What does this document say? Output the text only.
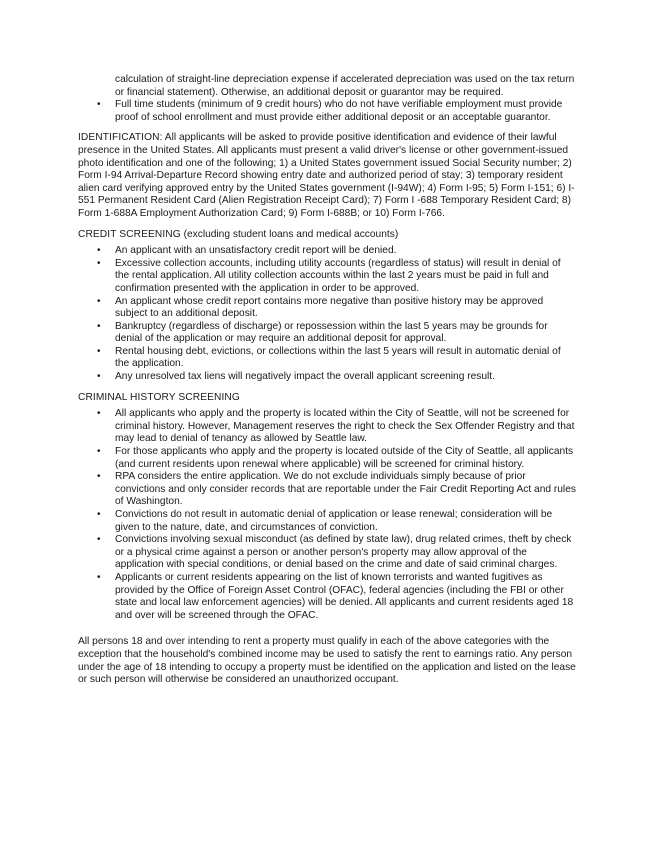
calculation of straight-line depreciation expense if accelerated depreciation was used on the tax return or financial statement). Otherwise, an additional deposit or guarantor may be required.

• Full time students (minimum of 9 credit hours) who do not have verifiable employment must provide proof of school enrollment and must provide either additional deposit or an acceptable guarantor.

IDENTIFICATION: All applicants will be asked to provide positive identification and evidence of their lawful presence in the United States. All applicants must present a valid driver's license or other government-issued photo identification and one of the following; 1) a United States government issued Social Security number; 2) Form I-94 Arrival-Departure Record showing entry date and authorized period of stay; 3) temporary resident alien card verifying approved entry by the United States government (I-94W); 4) Form I-95; 5) Form I-151; 6) I-551 Permanent Resident Card (Alien Registration Receipt Card); 7) Form I -688 Temporary Resident Card; 8) Form 1-688A Employment Authorization Card; 9) Form I-688B; or 10) Form I-766.

CREDIT SCREENING (excluding student loans and medical accounts)

• An applicant with an unsatisfactory credit report will be denied.
• Excessive collection accounts, including utility accounts (regardless of status) will result in denial of the rental application. All utility collection accounts within the last 2 years must be paid in full and confirmation presented with the application in order to be approved.
• An applicant whose credit report contains more negative than positive history may be approved subject to an additional deposit.
• Bankruptcy (regardless of discharge) or repossession within the last 5 years may be grounds for denial of the application or may require an additional deposit for approval.
• Rental housing debt, evictions, or collections within the last 5 years will result in automatic denial of the application.
• Any unresolved tax liens will negatively impact the overall applicant screening result.

CRIMINAL HISTORY SCREENING

• All applicants who apply and the property is located within the City of Seattle, will not be screened for criminal history. However, Management reserves the right to check the Sex Offender Registry and that may lead to denial of tenancy as allowed by Seattle law.
• For those applicants who apply and the property is located outside of the City of Seattle, all applicants (and current residents upon renewal where applicable) will be screened for criminal history.
• RPA considers the entire application. We do not exclude individuals simply because of prior convictions and only consider records that are reportable under the Fair Credit Reporting Act and rules of Washington.
• Convictions do not result in automatic denial of application or lease renewal; consideration will be given to the nature, date, and circumstances of conviction.
• Convictions involving sexual misconduct (as defined by state law), drug related crimes, theft by check or a physical crime against a person or another person's property may allow approval of the application with special conditions, or denial based on the crime and date of said criminal charges.
• Applicants or current residents appearing on the list of known terrorists and wanted fugitives as provided by the Office of Foreign Asset Control (OFAC), federal agencies (including the FBI or other state and local law enforcement agencies) will be denied. All applicants and current residents aged 18 and over will be screened through the OFAC.

All persons 18 and over intending to rent a property must qualify in each of the above categories with the exception that the household's combined income may be used to satisfy the rent to earnings ratio. Any person under the age of 18 intending to occupy a property must be identified on the application and listed on the lease or such person will otherwise be considered an unauthorized occupant.
